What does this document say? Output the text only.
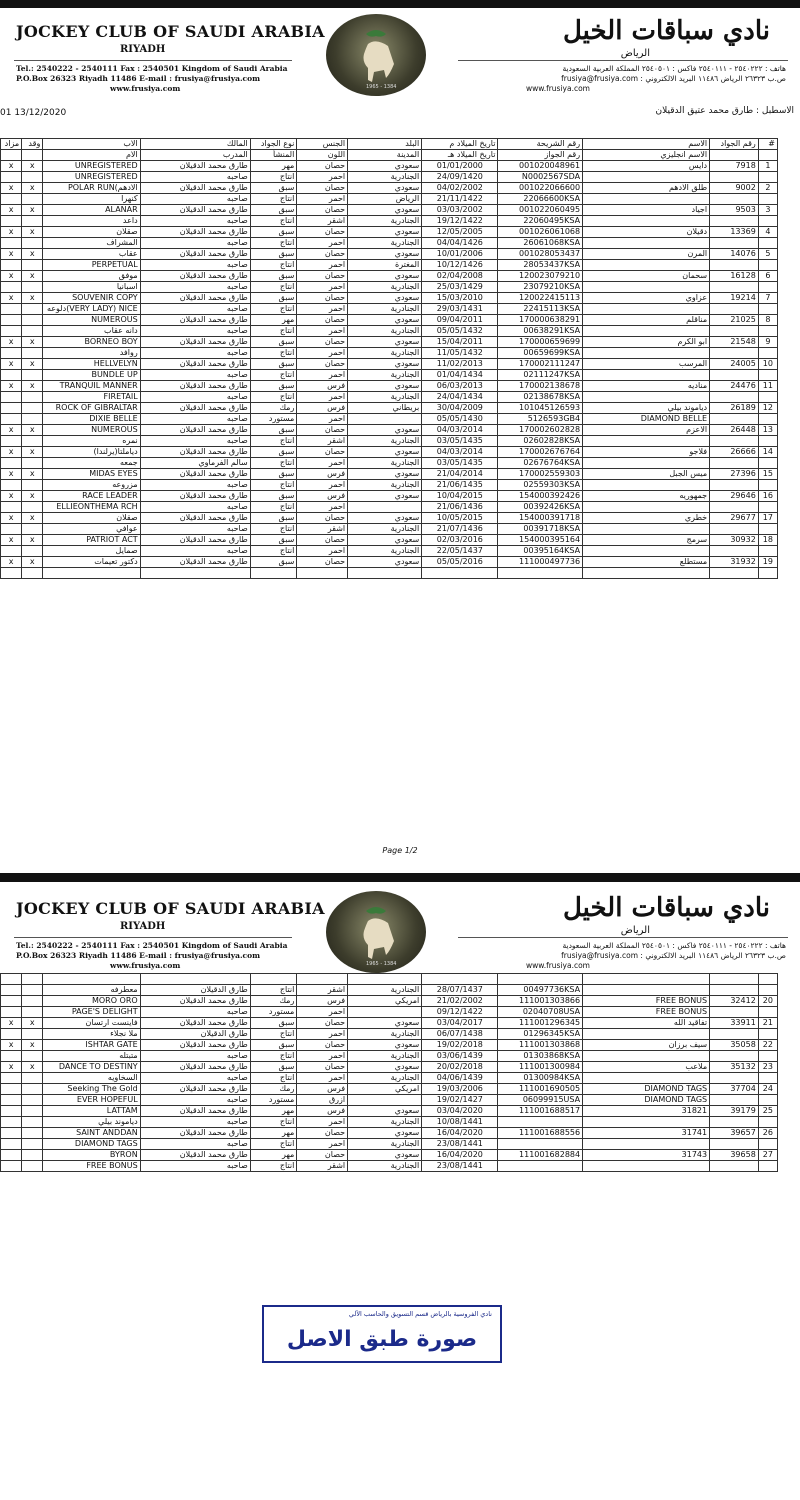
JOCKEY CLUB OF SAUDI ARABIA
RIYADH
Tel.: 2540222 - 2540111 Fax : 2540501 Kingdom of Saudi Arabia
P.O.Box 26323 Riyadh 11486 E-mail : frusiya@frusiya.com
www.frusiya.com	1965 - 1384
نادي سباقات الخيل
الرياض
هاتف : ٢٥٤٠٢٢٢ - ٢٥٤٠١١١ فاكس : ٢٥٤٠٥٠١ المملكة العربية السعودية
ص.ب ٢٦٣٢٣ الرياض ١١٤٨٦ البريد الالكتروني : frusiya@frusiya.com
www.frusiya.com
01 13/12/2020	الاسطبل : طارق محمد عتيق الدقيلان
مزاد	وقد	الاب	المالك	نوع الجواد	الجنس	البلد	تاريخ الميلاد م	رقم الشريحة	الاسم	رقم الجواد	#
		الام	المدرب	المنشأ	اللون	المدينة	تاريخ الميلاد هـ	رقم الجواز	الاسم انجليزي		
x	x	UNREGISTERED	طارق محمد الدقيلان	مهر	حصان	سعودي	01/01/2000	001020048961	دايس	7918	1
		UNREGISTERED	صاحبه	انتاج	احمر	الجنادرية	24/09/1420	N0002567SDA			
x	x	POLAR RUN(الادهم	طارق محمد الدقيلان	سبق	حصان	سعودي	04/02/2002	001022066600	طلق الادهم	9002	2
		كنهرا	صاحبه	انتاج	احمر	الرياض	21/11/1422	22066600KSA			
x	x	ALANAR	طارق محمد الدقيلان	سبق	حصان	سعودي	03/03/2002	001022060495	اجياد	9503	3
		داعد	صاحبه	انتاج	اشقر	الجنادرية	19/12/1422	22060495KSA			
x	x	صقلان	طارق محمد الدقيلان	سبق	حصان	سعودي	12/05/2005	001026061068	دقيلان	13369	4
		المشراف	صاحبه	انتاج	احمر	الجنادرية	04/04/1426	26061068KSA			
x	x	عقاب	طارق محمد الدقيلان	سبق	حصان	سعودي	10/01/2006	001028053437	المرن	14076	5
		PERPETUAL	صاحبه	انتاج	احمر	المغترة	10/12/1426	28053437KSA			
x	x	موفق	طارق محمد الدقيلان	سبق	حصان	سعودي	02/04/2008	120023079210	سحمان	16128	6
		اسبانيا	صاحبه	انتاج	احمر	الجنادرية	25/03/1429	23079210KSA			
x	x	SOUVENIR COPY	طارق محمد الدقيلان	سبق	حصان	سعودي	15/03/2010	120022415113	عزاوي	19214	7
		دلوعه(VERY LADY) NICE	صاحبه	انتاج	احمر	الجنادرية	29/03/1431	22415113KSA			
		NUMEROUS	طارق محمد الدقيلان	مهر	حصان	سعودي	09/04/2011	170000638291	مناقلم	21025	8
		دانه عقاب	صاحبه	انتاج	احمر	الجنادرية	05/05/1432	00638291KSA			
x	x	BORNEO BOY	طارق محمد الدقيلان	سبق	حصان	سعودي	15/04/2011	170000659699	ابو الكرم	21548	9
		روافد	صاحبه	انتاج	احمر	الجنادرية	11/05/1432	00659699KSA			
x	x	HELLVELYN	طارق محمد الدقيلان	سبق	حصان	سعودي	11/02/2013	170002111247	المرسب	24005	10
		BUNDLE UP	صاحبه	انتاج	احمر	الجنادرية	01/04/1434	02111247KSA			
x	x	TRANQUIL MANNER	طارق محمد الدقيلان	سبق	فرس	سعودي	06/03/2013	170002138678	مناديه	24476	11
		FIRETAIL	صاحبه	انتاج	احمر	الجنادرية	24/04/1434	02138678KSA			
		ROCK OF GIBRALTAR	طارق محمد الدقيلان	رمك	فرس	بريطاني	30/04/2009	101045126593	دياموند بيلي	26189	12
		DIXIE BELLE	صاحبه	مستورد	احمر		05/05/1430	5126593GB4	DIAMOND BELLE		
x	x	NUMEROUS	طارق محمد الدقيلان	سبق	حصان	سعودي	04/03/2014	170002602828	الاعزم	26448	13
		نمره	صاحبه	انتاج	اشقر	الجنادرية	03/05/1435	02602828KSA			
x	x	دياملتا(يرلندا)	طارق محمد الدقيلان	سبق	حصان	سعودي	04/03/2014	170002676764	فلاجو	26666	14
		جمعه	سالم الفرماوي	انتاج	احمر	الجنادرية	03/05/1435	02676764KSA			
x	x	MIDAS EYES	طارق محمد الدقيلان	سبق	فرس	سعودي	21/04/2014	170002559303	ميس الجبل	27396	15
		مزروعه	صاحبه	انتاج	احمر	الجنادرية	21/06/1435	02559303KSA			
x	x	RACE LEADER	طارق محمد الدقيلان	سبق	فرس	سعودي	10/04/2015	154000392426	جمهوريه	29646	16
		ELLIEONTHEMA RCH	صاحبه	انتاج	احمر		21/06/1436	00392426KSA			
x	x	صقلان	طارق محمد الدقيلان	سبق	حصان	سعودي	10/05/2015	154000391718	خطري	29677	17
		عوافي	صاحبه	انتاج	اشقر	الجنادرية	21/07/1436	00391718KSA			
x	x	PATRIOT ACT	طارق محمد الدقيلان	سبق	حصان	سعودي	02/03/2016	154000395164	سرمج	30932	18
		صمايل	صاحبه	انتاج	احمر	الجنادرية	22/05/1437	00395164KSA			
x	x	دكتور تعيمات	طارق محمد الدقيلان	سبق	حصان	سعودي	05/05/2016	111000497736	مستطلع	31932	19

Page 1/2
JOCKEY CLUB OF SAUDI ARABIA
RIYADH
Tel.: 2540222 - 2540111 Fax : 2540501 Kingdom of Saudi Arabia
P.O.Box 26323 Riyadh 11486 E-mail : frusiya@frusiya.com
www.frusiya.com	1965 - 1384
نادي سباقات الخيل
الرياض
هاتف : ٢٥٤٠٢٢٢ - ٢٥٤٠١١١ فاكس : ٢٥٤٠٥٠١ المملكة العربية السعودية
ص.ب ٢٦٣٢٣ الرياض ١١٤٨٦ البريد الالكتروني : frusiya@frusiya.com
www.frusiya.com

		معطرفه	طارق الدقيلان	انتاج	اشقر	الجنادرية	28/07/1437	00497736KSA			
		MORO ORO	طارق محمد الدقيلان	رمك	فرس	امريكي	21/02/2002	111001303866	FREE BONUS	32412	20
		PAGE'S DELIGHT	صاحبه	مستورد	احمر		09/12/1422	02040708USA	FREE BONUS		
x	x	فاينست ارتسان	طارق محمد الدقيلان	سبق	حصان	سعودي	03/04/2017	111001296345	تفاقيد الله	33911	21
		ملا نجلاء	طارق الدقيلان	انتاج	احمر	الجنادرية	06/07/1438	01296345KSA			
x	x	ISHTAR GATE	طارق محمد الدقيلان	سبق	حصان	سعودي	19/02/2018	111001303868	سيف برزان	35058	22
		متبتله	صاحبه	انتاج	احمر	الجنادرية	03/06/1439	01303868KSA			
x	x	DANCE TO DESTINY	طارق محمد الدقيلان	سبق	حصان	سعودي	20/02/2018	111001300984	ملاعب	35132	23
		السخاويه	صاحبه	انتاج	احمر	الجنادرية	04/06/1439	01300984KSA			
		Seeking The Gold	طارق محمد الدقيلان	رمك	فرس	امريكي	19/03/2006	111001690505	DIAMOND TAGS	37704	24
		EVER HOPEFUL	صاحبه	مستورد	ازرق		19/02/1427	06099915USA	DIAMOND TAGS		
		LATTAM	طارق محمد الدقيلان	مهر	فرس	سعودي	03/04/2020	111001688517	31821	39179	25
		دياموند بيلي	صاحبه	انتاج	احمر	الجنادرية	10/08/1441				
		SAINT ANDDAN	طارق محمد الدقيلان	مهر	حصان	سعودي	16/04/2020	111001688556	31741	39657	26
		DIAMOND TAGS	صاحبه	انتاج	احمر	الجنادرية	23/08/1441				
		BYRON	طارق محمد الدقيلان	مهر	حصان	سعودي	16/04/2020	111001682884	31743	39658	27
		FREE BONUS	صاحبه	انتاج	اشقر	الجنادرية	23/08/1441				
نادي الفروسية بالرياض قسم التسويق والحاسب الآلي
صورة طبق الاصل
